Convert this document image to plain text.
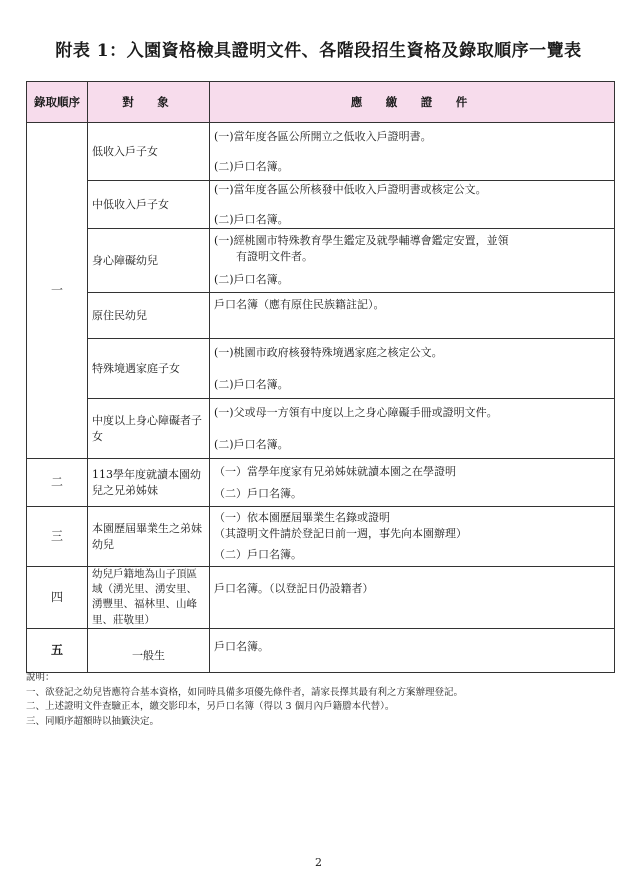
附表 1：入園資格檢具證明文件、各階段招生資格及錄取順序一覽表
錄取順序	對　象	應　繳　證　件
一	低收入戶子女	(一)當年度各區公所開立之低收入戶證明書。
(二)戶口名簿。

	中低收入戶子女	(一)當年度各區公所核發中低收入戶證明書或核定公文。
(二)戶口名簿。

	身心障礙幼兒	(一)經桃園市特殊教育學生鑑定及就學輔導會鑑定安置，並領
　　有證明文件者。
(二)戶口名簿。

	原住民幼兒	戶口名簿（應有原住民族籍註記）。

	特殊境遇家庭子女	(一)桃園市政府核發特殊境遇家庭之核定公文。
(二)戶口名簿。

	中度以上身心障礙者子女	(一)父或母一方領有中度以上之身心障礙手冊或證明文件。
(二)戶口名簿。

二	113學年度就讀本園幼兒之兄弟姊妹	（一）當學年度家有兄弟姊妹就讀本園之在學證明
（二）戶口名簿。

三	本園歷屆畢業生之弟妹幼兒	（一）依本園歷屆畢業生名錄或證明
（其證明文件請於登記日前一週，事先向本園辦理）
（二）戶口名簿。

四	幼兒戶籍地為山子頂區域（湧光里、湧安里、湧豐里、福林里、山峰里、莊敬里）	戶口名簿。（以登記日仍設籍者）

五	一般生	戶口名簿。
說明：
一、欲登記之幼兒皆應符合基本資格，如同時具備多項優先條件者，請家長擇其最有利之方案辦理登記。
二、上述證明文件查驗正本，繳交影印本，另戶口名簿（得以 3 個月內戶籍謄本代替）。
三、同順序超額時以抽籤決定。
2
